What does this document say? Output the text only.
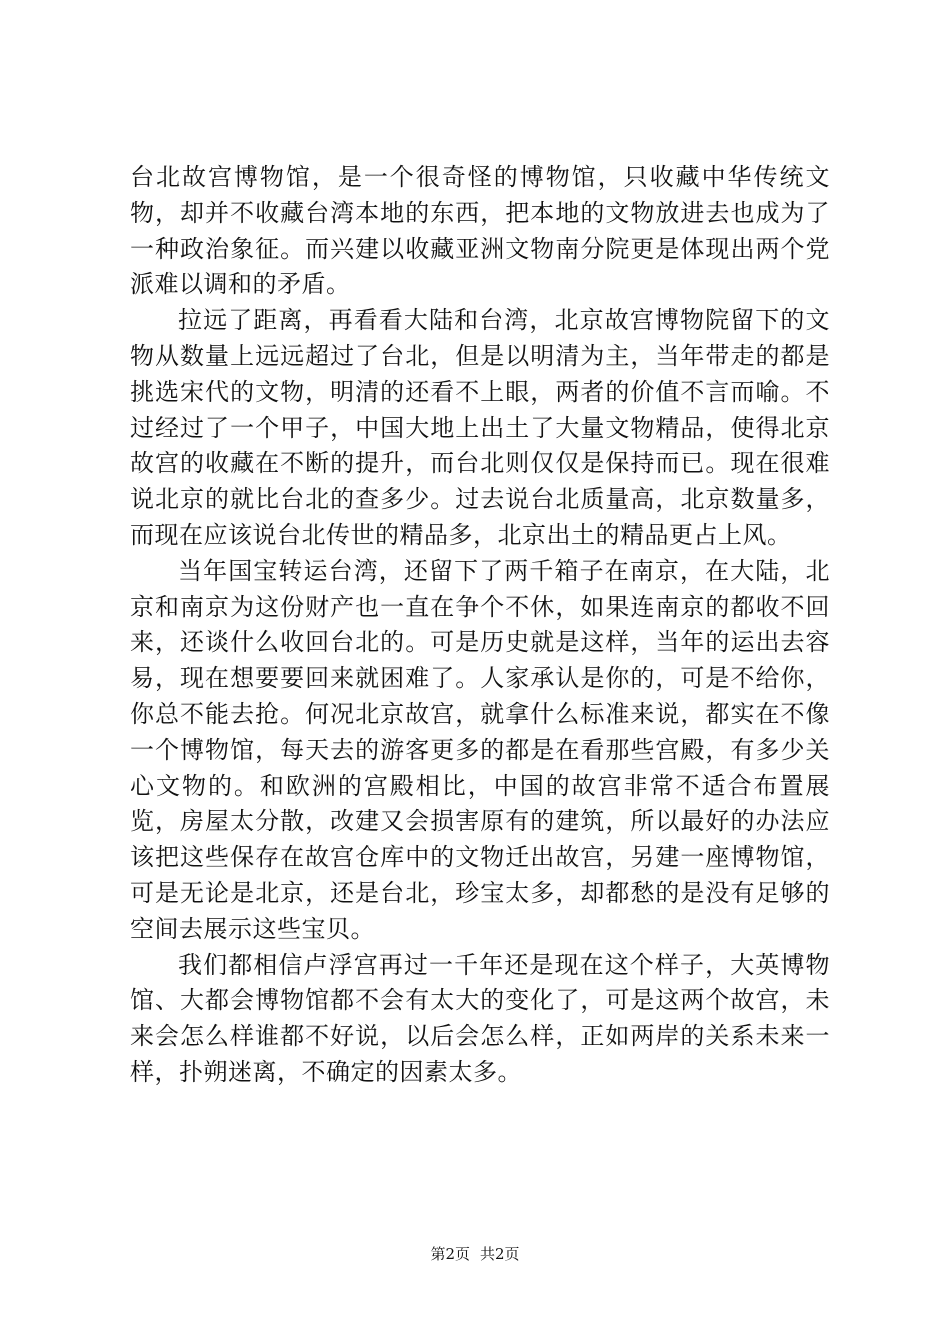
台北故宫博物馆，是一个很奇怪的博物馆，只收藏中华传统文物，却并不收藏台湾本地的东西，把本地的文物放进去也成为了一种政治象征。而兴建以收藏亚洲文物南分院更是体现出两个党派难以调和的矛盾。

拉远了距离，再看看大陆和台湾，北京故宫博物院留下的文物从数量上远远超过了台北，但是以明清为主，当年带走的都是挑选宋代的文物，明清的还看不上眼，两者的价值不言而喻。不过经过了一个甲子，中国大地上出土了大量文物精品，使得北京故宫的收藏在不断的提升，而台北则仅仅是保持而已。现在很难说北京的就比台北的查多少。过去说台北质量高，北京数量多，而现在应该说台北传世的精品多，北京出土的精品更占上风。

当年国宝转运台湾，还留下了两千箱子在南京，在大陆，北京和南京为这份财产也一直在争个不休，如果连南京的都收不回来，还谈什么收回台北的。可是历史就是这样，当年的运出去容易，现在想要要回来就困难了。人家承认是你的，可是不给你，你总不能去抢。何况北京故宫，就拿什么标准来说，都实在不像一个博物馆，每天去的游客更多的都是在看那些宫殿，有多少关心文物的。和欧洲的宫殿相比，中国的故宫非常不适合布置展览，房屋太分散，改建又会损害原有的建筑，所以最好的办法应该把这些保存在故宫仓库中的文物迁出故宫，另建一座博物馆，可是无论是北京，还是台北，珍宝太多，却都愁的是没有足够的空间去展示这些宝贝。

我们都相信卢浮宫再过一千年还是现在这个样子，大英博物馆、大都会博物馆都不会有太大的变化了，可是这两个故宫，未来会怎么样谁都不好说，以后会怎么样，正如两岸的关系未来一样，扑朔迷离，不确定的因素太多。

第2页 共2页
